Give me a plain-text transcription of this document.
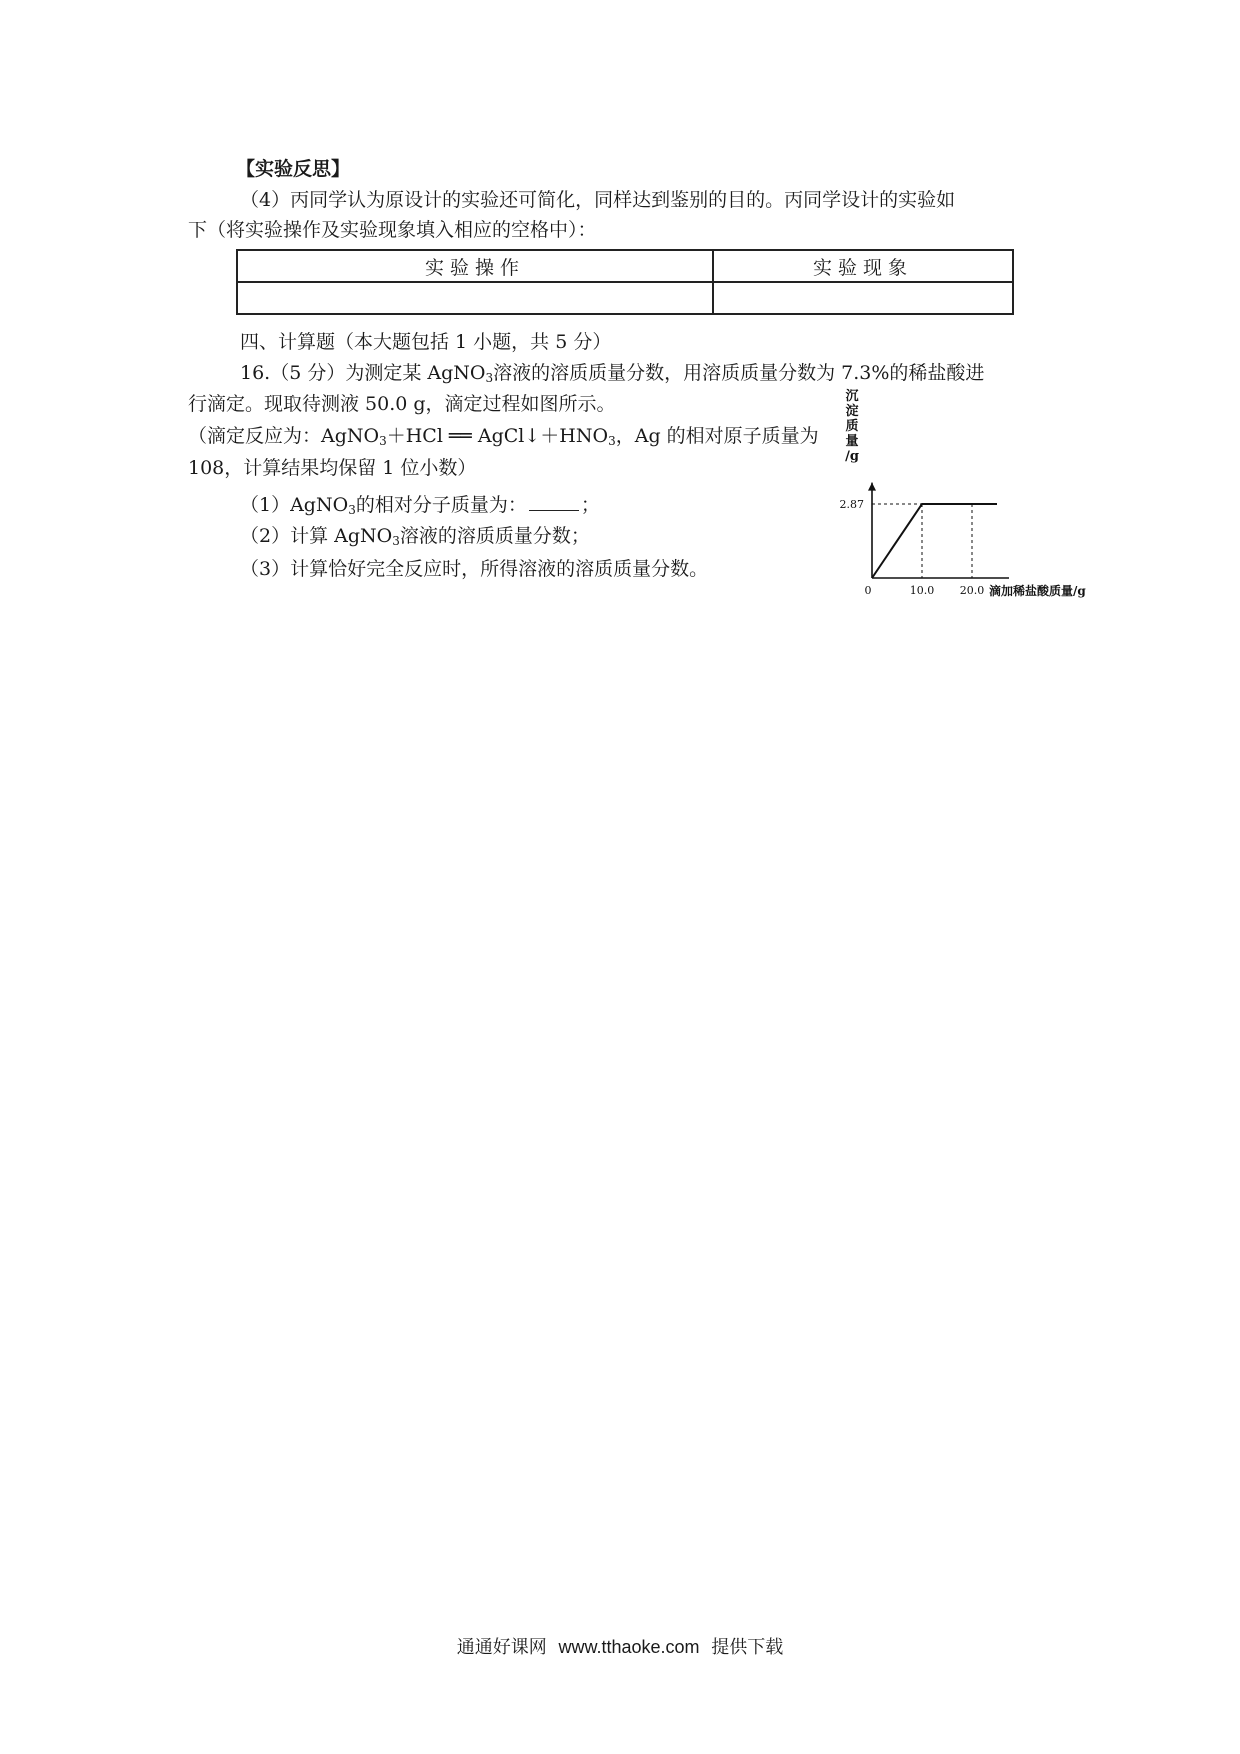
【实验反思】
（4）丙同学认为原设计的实验还可简化，同样达到鉴别的目的。丙同学设计的实验如
下（将实验操作及实验现象填入相应的空格中）：
实验操作	实验现象

四、计算题（本大题包括 1 小题，共 5 分）
16.（5 分）为测定某 AgNO$_3$溶液的溶质质量分数，用溶质质量分数为 7.3%的稀盐酸进
行滴定。现取待测液 50.0 g，滴定过程如图所示。
（滴定反应为：AgNO$_3$＋HCl ══ $AgCl↓+HNO_3$，Ag 的相对原子质量为
108，计算结果均保留 1 位小数）
（1）AgNO$_3$的相对分子质量为：	；
（2）计算 AgNO$_3$溶液的溶质质量分数；
（3）计算恰好完全反应时，所得溶液的溶质质量分数。
0	10.0 20.0
2.87
滴加稀盐酸质量/g
沉
淀
质
量
/g
通通好课网 www.tthaoke.com 提供下载
